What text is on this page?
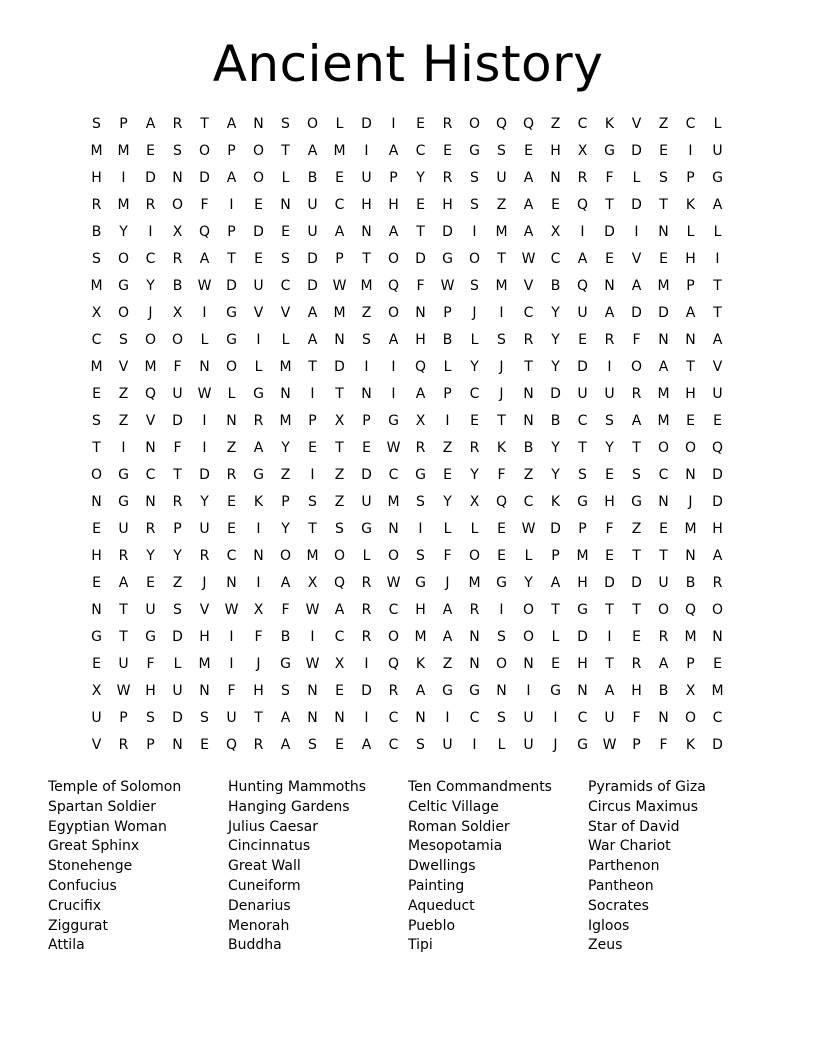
Ancient History
S	P	A	R	T	A	N	S	O	L	D	I	E	R	O	Q	Q	Z	C	K	V	Z	C	L
M	M	E	S	O	P	O	T	A	M	I	A	C	E	G	S	E	H	X	G	D	E	I	U
H	I	D	N	D	A	O	L	B	E	U	P	Y	R	S	U	A	N	R	F	L	S	P	G
R	M	R	O	F	I	E	N	U	C	H	H	E	H	S	Z	A	E	Q	T	D	T	K	A
B	Y	I	X	Q	P	D	E	U	A	N	A	T	D	I	M	A	X	I	D	I	N	L	L
S	O	C	R	A	T	E	S	D	P	T	O	D	G	O	T	W	C	A	E	V	E	H	I
M	G	Y	B	W	D	U	C	D	W	M	Q	F	W	S	M	V	B	Q	N	A	M	P	T
X	O	J	X	I	G	V	V	A	M	Z	O	N	P	J	I	C	Y	U	A	D	D	A	T
C	S	O	O	L	G	I	L	A	N	S	A	H	B	L	S	R	Y	E	R	F	N	N	A
M	V	M	F	N	O	L	M	T	D	I	I	Q	L	Y	J	T	Y	D	I	O	A	T	V
E	Z	Q	U	W	L	G	N	I	T	N	I	A	P	C	J	N	D	U	U	R	M	H	U
S	Z	V	D	I	N	R	M	P	X	P	G	X	I	E	T	N	B	C	S	A	M	E	E
T	I	N	F	I	Z	A	Y	E	T	E	W	R	Z	R	K	B	Y	T	Y	T	O	O	Q
O	G	C	T	D	R	G	Z	I	Z	D	C	G	E	Y	F	Z	Y	S	E	S	C	N	D
N	G	N	R	Y	E	K	P	S	Z	U	M	S	Y	X	Q	C	K	G	H	G	N	J	D
E	U	R	P	U	E	I	Y	T	S	G	N	I	L	L	E	W	D	P	F	Z	E	M	H
H	R	Y	Y	R	C	N	O	M	O	L	O	S	F	O	E	L	P	M	E	T	T	N	A
E	A	E	Z	J	N	I	A	X	Q	R	W	G	J	M	G	Y	A	H	D	D	U	B	R
N	T	U	S	V	W	X	F	W	A	R	C	H	A	R	I	O	T	G	T	T	O	Q	O
G	T	G	D	H	I	F	B	I	C	R	O	M	A	N	S	O	L	D	I	E	R	M	N
E	U	F	L	M	I	J	G	W	X	I	Q	K	Z	N	O	N	E	H	T	R	A	P	E
X	W	H	U	N	F	H	S	N	E	D	R	A	G	G	N	I	G	N	A	H	B	X	M
U	P	S	D	S	U	T	A	N	N	I	C	N	I	C	S	U	I	C	U	F	N	O	C
V	R	P	N	E	Q	R	A	S	E	A	C	S	U	I	L	U	J	G	W	P	F	K	D
Temple of Solomon
Spartan Soldier
Egyptian Woman
Great Sphinx
Stonehenge
Confucius
Crucifix
Ziggurat
Attila
Hunting Mammoths
Hanging Gardens
Julius Caesar
Cincinnatus
Great Wall
Cuneiform
Denarius
Menorah
Buddha
Ten Commandments
Celtic Village
Roman Soldier
Mesopotamia
Dwellings
Painting
Aqueduct
Pueblo
Tipi
Pyramids of Giza
Circus Maximus
Star of David
War Chariot
Parthenon
Pantheon
Socrates
Igloos
Zeus
